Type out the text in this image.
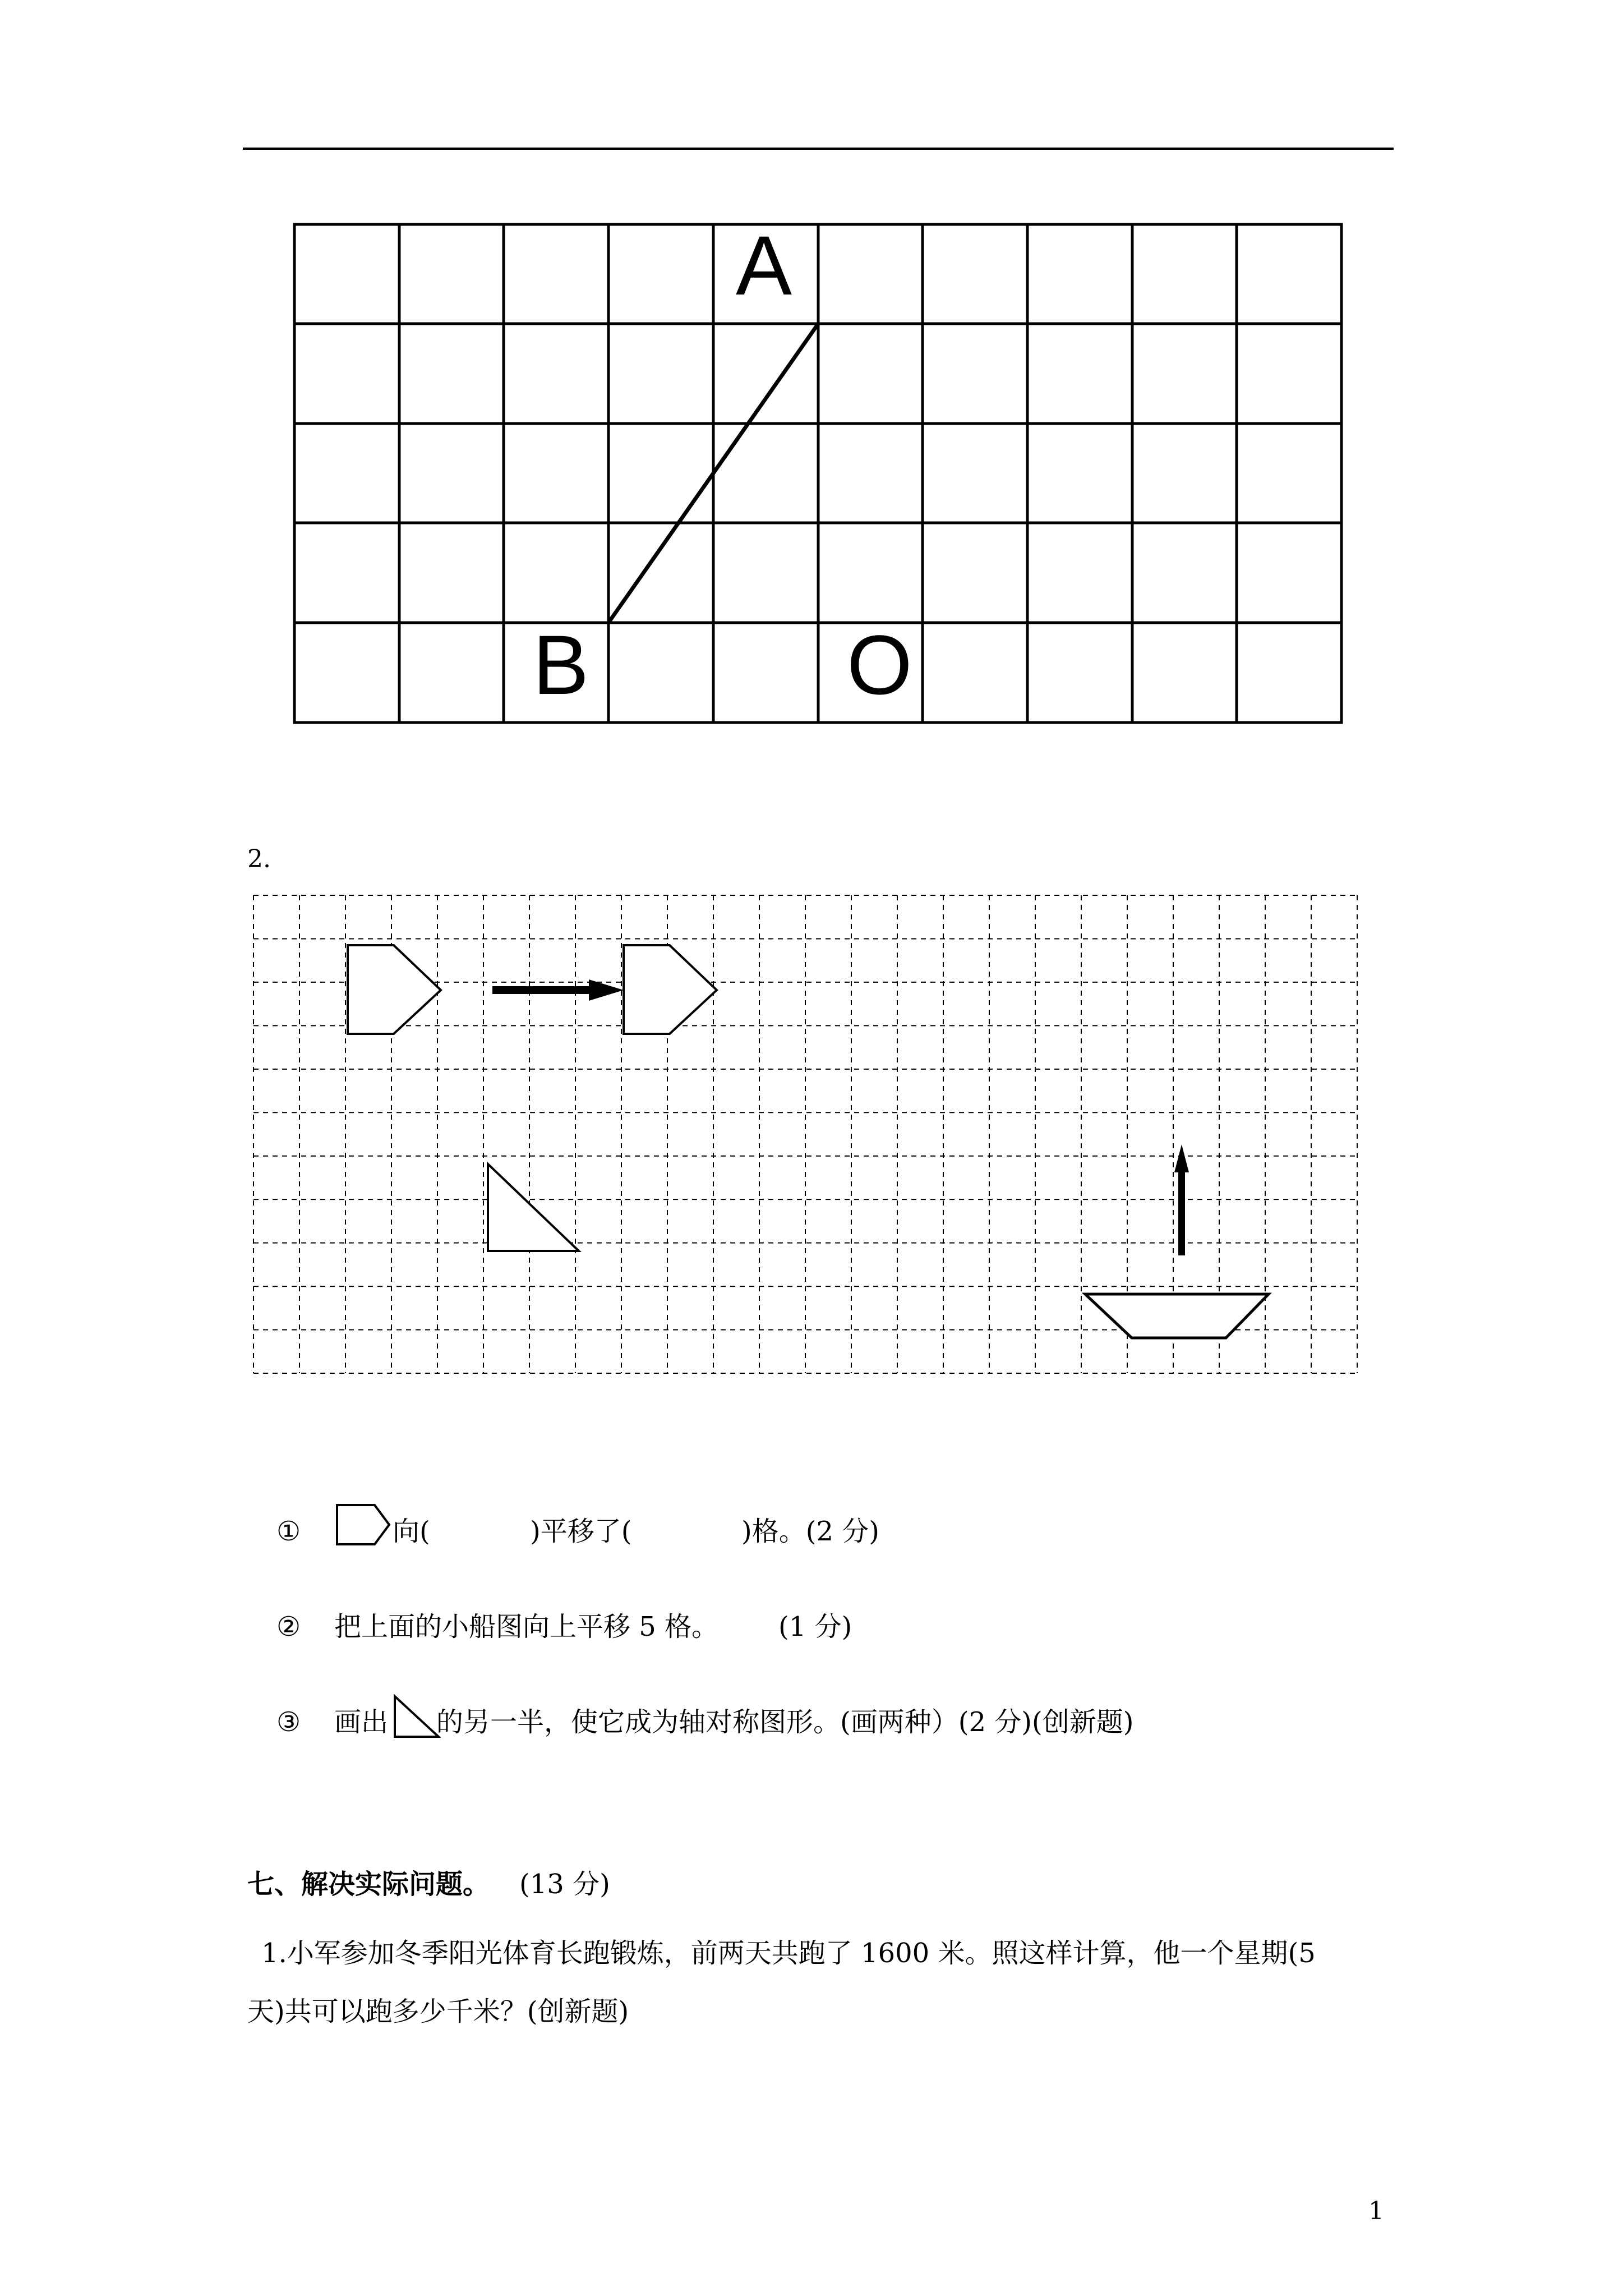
A
B	O
2.
①	向(	)平移了(	)格。(2 分)
② 把上面的小船图向上平移 5 格。 (1 分)
③ 画出 的另一半，使它成为轴对称图形。(画两种）(2 分)(创新题)
七、解决实际问题。 (13 分)
1.小军参加冬季阳光体育长跑锻炼，前两天共跑了 1600 米。照这样计算，他一个星期(5
天)共可以跑多少千米？(创新题)
1
